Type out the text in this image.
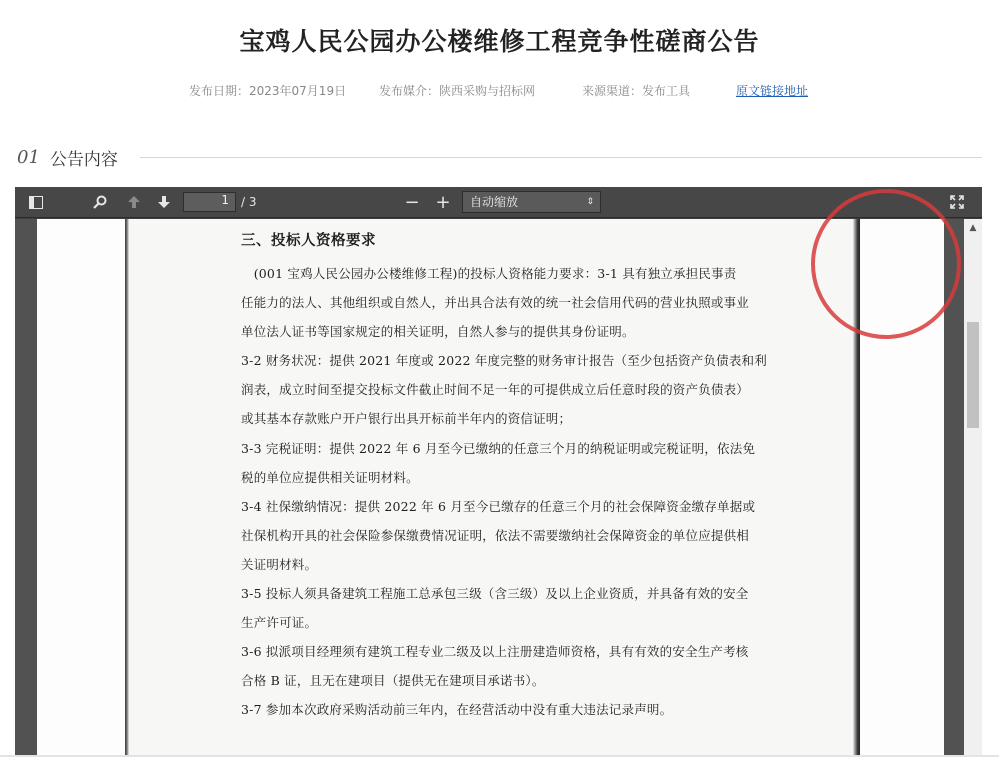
宝鸡人民公园办公楼维修工程竞争性磋商公告
发布日期：2023年07月19日	发布媒介：陕西采购与招标网	来源渠道：发布工具	原文链接地址
01 公告内容
1	/ 3	− +	自动缩放	⇕
三、投标人资格要求
　(001 宝鸡人民公园办公楼维修工程)的投标人资格能力要求：3-1 具有独立承担民事责
任能力的法人、其他组织或自然人，并出具合法有效的统一社会信用代码的营业执照或事业
单位法人证书等国家规定的相关证明，自然人参与的提供其身份证明。
3-2 财务状况：提供 2021 年度或 2022 年度完整的财务审计报告（至少包括资产负债表和利
润表，成立时间至提交投标文件截止时间不足一年的可提供成立后任意时段的资产负债表）
或其基本存款账户开户银行出具开标前半年内的资信证明；
3-3 完税证明：提供 2022 年 6 月至今已缴纳的任意三个月的纳税证明或完税证明，依法免
税的单位应提供相关证明材料。
3-4 社保缴纳情况：提供 2022 年 6 月至今已缴存的任意三个月的社会保障资金缴存单据或
社保机构开具的社会保险参保缴费情况证明，依法不需要缴纳社会保障资金的单位应提供相
关证明材料。
3-5 投标人须具备建筑工程施工总承包三级（含三级）及以上企业资质，并具备有效的安全
生产许可证。
3-6 拟派项目经理须有建筑工程专业二级及以上注册建造师资格，具有有效的安全生产考核
合格 B 证，且无在建项目（提供无在建项目承诺书）。
3-7 参加本次政府采购活动前三年内，在经营活动中没有重大违法记录声明。
▲
